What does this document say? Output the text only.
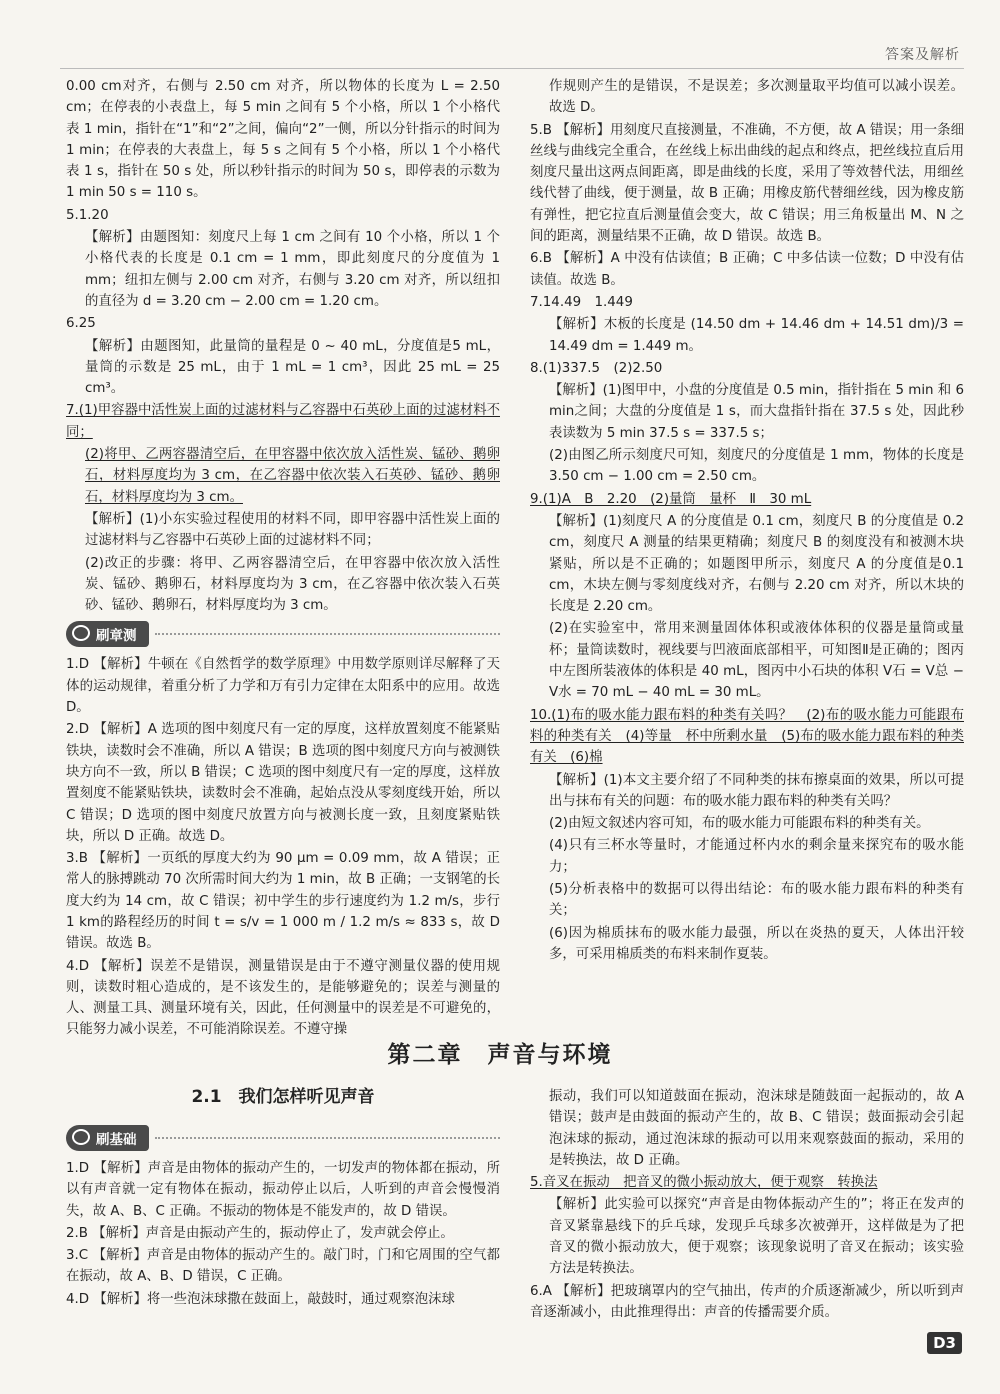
答案及解析

0.00 cm对齐，右侧与 2.50 cm 对齐，所以物体的长度为 L = 2.50 cm；在停表的小表盘上，每 5 min 之间有 5 个小格，所以 1 个小格代表 1 min，指针在“1”和“2”之间，偏向“2”一侧，所以分针指示的时间为 1 min；在停表的大表盘上，每 5 s 之间有 5 个小格，所以 1 个小格代表 1 s，指针在 50 s 处，所以秒针指示的时间为 50 s，即停表的示数为 1 min 50 s = 110 s。

5.1.20

【解析】由题图知：刻度尺上每 1 cm 之间有 10 个小格，所以 1 个小格代表的长度是 0.1 cm = 1 mm，即此刻度尺的分度值为 1 mm；纽扣左侧与 2.00 cm 对齐，右侧与 3.20 cm 对齐，所以纽扣的直径为 d = 3.20 cm − 2.00 cm = 1.20 cm。

6.25

【解析】由题图知，此量筒的量程是 0 ~ 40 mL，分度值是5 mL，量筒的示数是 25 mL，由于 1 mL = 1 cm³，因此 25 mL = 25 cm³。

7.(1)甲容器中活性炭上面的过滤材料与乙容器中石英砂上面的过滤材料不同；

(2)将甲、乙两容器清空后，在甲容器中依次放入活性炭、锰砂、鹅卵石，材料厚度均为 3 cm，在乙容器中依次装入石英砂、锰砂、鹅卵石，材料厚度均为 3 cm。

【解析】(1)小东实验过程使用的材料不同，即甲容器中活性炭上面的过滤材料与乙容器中石英砂上面的过滤材料不同；

(2)改正的步骤：将甲、乙两容器清空后，在甲容器中依次放入活性炭、锰砂、鹅卵石，材料厚度均为 3 cm，在乙容器中依次装入石英砂、锰砂、鹅卵石，材料厚度均为 3 cm。

刷章测

1.D 【解析】牛顿在《自然哲学的数学原理》中用数学原则详尽解释了天体的运动规律，着重分析了力学和万有引力定律在太阳系中的应用。故选 D。

2.D 【解析】A 选项的图中刻度尺有一定的厚度，这样放置刻度不能紧贴铁块，读数时会不准确，所以 A 错误；B 选项的图中刻度尺方向与被测铁块方向不一致，所以 B 错误；C 选项的图中刻度尺有一定的厚度，这样放置刻度不能紧贴铁块，读数时会不准确，起始点没从零刻度线开始，所以 C 错误；D 选项的图中刻度尺放置方向与被测长度一致，且刻度紧贴铁块，所以 D 正确。故选 D。

3.B 【解析】一页纸的厚度大约为 90 μm = 0.09 mm，故 A 错误；正常人的脉搏跳动 70 次所需时间大约为 1 min，故 B 正确；一支钢笔的长度大约为 14 cm，故 C 错误；初中学生的步行速度约为 1.2 m/s，步行1 km的路程经历的时间 t = s/v = 1 000 m / 1.2 m/s ≈ 833 s，故 D 错误。故选 B。

4.D 【解析】误差不是错误，测量错误是由于不遵守测量仪器的使用规则，读数时粗心造成的，是不该发生的，是能够避免的；误差与测量的人、测量工具、测量环境有关，因此，任何测量中的误差是不可避免的，只能努力减小误差，不可能消除误差。不遵守操

作规则产生的是错误，不是误差；多次测量取平均值可以减小误差。故选 D。

5.B 【解析】用刻度尺直接测量，不准确，不方便，故 A 错误；用一条细丝线与曲线完全重合，在丝线上标出曲线的起点和终点，把丝线拉直后用刻度尺量出这两点间距离，即是曲线的长度，采用了等效替代法，用细丝线代替了曲线，便于测量，故 B 正确；用橡皮筋代替细丝线，因为橡皮筋有弹性，把它拉直后测量值会变大，故 C 错误；用三角板量出 M、N 之间的距离，测量结果不正确，故 D 错误。故选 B。

6.B 【解析】A 中没有估读值；B 正确；C 中多估读一位数；D 中没有估读值。故选 B。

7.14.49　1.449

【解析】木板的长度是 (14.50 dm + 14.46 dm + 14.51 dm)/3 = 14.49 dm = 1.449 m。

8.(1)337.5　(2)2.50

【解析】(1)图甲中，小盘的分度值是 0.5 min，指针指在 5 min 和 6 min之间；大盘的分度值是 1 s，而大盘指针指在 37.5 s 处，因此秒表读数为 5 min 37.5 s = 337.5 s；

(2)由图乙所示刻度尺可知，刻度尺的分度值是 1 mm，物体的长度是 3.50 cm − 1.00 cm = 2.50 cm。

9.(1)A　B　2.20　(2)量筒　量杯　Ⅱ　30 mL

【解析】(1)刻度尺 A 的分度值是 0.1 cm，刻度尺 B 的分度值是 0.2 cm，刻度尺 A 测量的结果更精确；刻度尺 B 的刻度没有和被测木块紧贴，所以是不正确的；如题图甲所示，刻度尺 A 的分度值是0.1 cm，木块左侧与零刻度线对齐，右侧与 2.20 cm 对齐，所以木块的长度是 2.20 cm。

(2)在实验室中，常用来测量固体体积或液体体积的仪器是量筒或量杯；量筒读数时，视线要与凹液面底部相平，可知图Ⅱ是正确的；图丙中左图所装液体的体积是 40 mL，图丙中小石块的体积 V石 = V总 − V水 = 70 mL − 40 mL = 30 mL。

10.(1)布的吸水能力跟布料的种类有关吗？　(2)布的吸水能力可能跟布料的种类有关　(4)等量　杯中所剩水量　(5)布的吸水能力跟布料的种类有关　(6)棉

【解析】(1)本文主要介绍了不同种类的抹布擦桌面的效果，所以可提出与抹布有关的问题：布的吸水能力跟布料的种类有关吗？

(2)由短文叙述内容可知，布的吸水能力可能跟布料的种类有关。

(4)只有三杯水等量时，才能通过杯内水的剩余量来探究布的吸水能力；

(5)分析表格中的数据可以得出结论：布的吸水能力跟布料的种类有关；

(6)因为棉质抹布的吸水能力最强，所以在炎热的夏天，人体出汗较多，可采用棉质类的布料来制作夏装。

第二章　声音与环境
2.1　我们怎样听见声音
刷基础

1.D 【解析】声音是由物体的振动产生的，一切发声的物体都在振动，所以有声音就一定有物体在振动，振动停止以后，人听到的声音会慢慢消失，故 A、B、C 正确。不振动的物体是不能发声的，故 D 错误。

2.B 【解析】声音是由振动产生的，振动停止了，发声就会停止。

3.C 【解析】声音是由物体的振动产生的。敲门时，门和它周围的空气都在振动，故 A、B、D 错误，C 正确。

4.D 【解析】将一些泡沫球撒在鼓面上，敲鼓时，通过观察泡沫球

振动，我们可以知道鼓面在振动，泡沫球是随鼓面一起振动的，故 A 错误；鼓声是由鼓面的振动产生的，故 B、C 错误；鼓面振动会引起泡沫球的振动，通过泡沫球的振动可以用来观察鼓面的振动，采用的是转换法，故 D 正确。

5.音叉在振动　把音叉的微小振动放大，便于观察　转换法

【解析】此实验可以探究“声音是由物体振动产生的”；将正在发声的音叉紧靠悬线下的乒乓球，发现乒乓球多次被弹开，这样做是为了把音叉的微小振动放大，便于观察；该现象说明了音叉在振动；该实验方法是转换法。

6.A 【解析】把玻璃罩内的空气抽出，传声的介质逐渐减少，所以听到声音逐渐减小，由此推理得出：声音的传播需要介质。

D3
